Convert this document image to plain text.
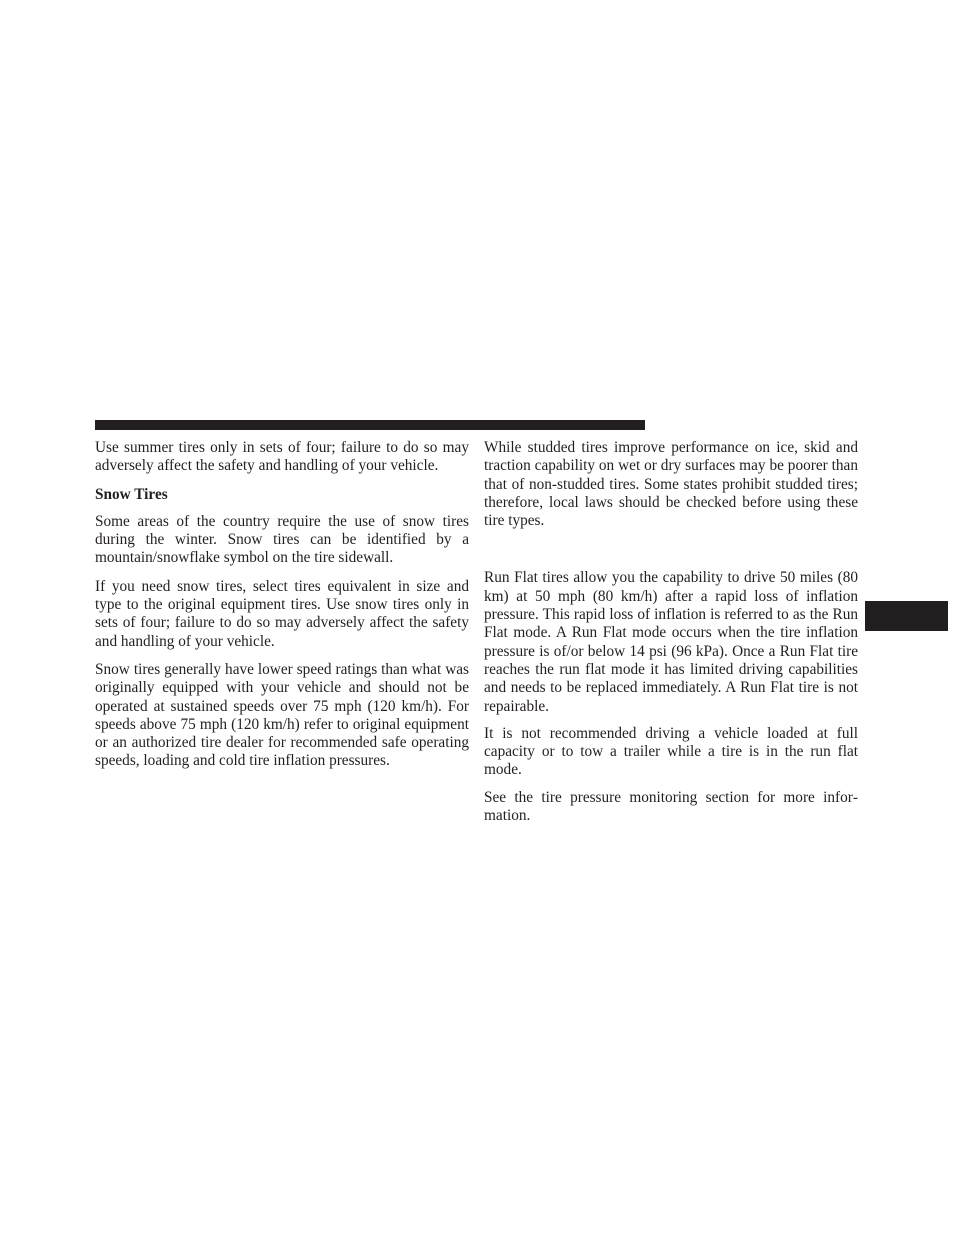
Use summer tires only in sets of four; failure to do so may adversely affect the safety and handling of your vehicle.

Snow Tires

Some areas of the country require the use of snow tires during the winter. Snow tires can be identified by a mountain/snowflake symbol on the tire sidewall.

If you need snow tires, select tires equivalent in size and type to the original equipment tires. Use snow tires only in sets of four; failure to do so may adversely affect the safety and handling of your vehicle.

Snow tires generally have lower speed ratings than what was originally equipped with your vehicle and should not be operated at sustained speeds over 75 mph (120 km/h). For speeds above 75 mph (120 km/h) refer to original equipment or an authorized tire dealer for recommended safe operating speeds, loading and cold tire inflation pressures.

While studded tires improve performance on ice, skid and traction capability on wet or dry surfaces may be poorer than that of non-studded tires. Some states prohibit studded tires; therefore, local laws should be checked before using these tire types.

Run Flat tires allow you the capability to drive 50 miles (80 km) at 50 mph (80 km/h) after a rapid loss of inflation pressure. This rapid loss of inflation is referred to as the Run Flat mode. A Run Flat mode occurs when the tire inflation pressure is of/or below 14 psi (96 kPa). Once a Run Flat tire reaches the run flat mode it has limited driving capabilities and needs to be replaced immediately. A Run Flat tire is not repairable.

It is not recommended driving a vehicle loaded at full capacity or to tow a trailer while a tire is in the run flat mode.

See the tire pressure monitoring section for more information.
